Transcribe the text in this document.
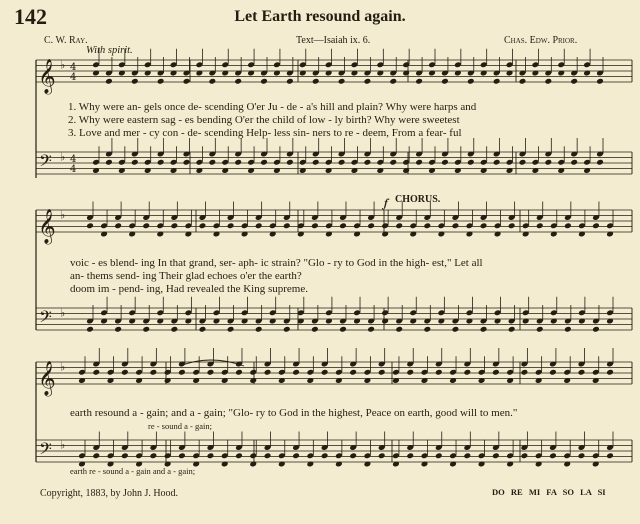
𝄞 ♭ 4
4
𝄢 ♭ 4
4
𝄞 ♭
𝆑
𝄢 ♭
𝄞 ♭
𝄢 ♭
142	Let Earth resound again.
C. W. Ray.	Text—Isaiah ix. 6.	Chas. Edw. Prior.
With spirit.
CHORUS.
1. Why were an- gels once de- scending O'er Ju - de - a's hill and plain? Why were harps and
2. Why were eastern sag - es bending O'er the child of low - ly birth? Why were sweetest
3. Love and mer - cy con - de- scending Help- less sin- ners to re - deem, From a fear- ful
voic - es blend- ing In that grand, ser- aph- ic strain? "Glo - ry to God in the high- est," Let all
an- thems send- ing Their glad echoes o'er the earth?
doom im - pend- ing, Had revealed the King supreme.
earth resound a - gain; and a - gain; "Glo- ry to God in the highest, Peace on earth, good will to men."
re - sound a - gain;
earth re - sound a - gain and a - gain;
Copyright, 1883, by John J. Hood.	DO RE MI FA SO LA SI
